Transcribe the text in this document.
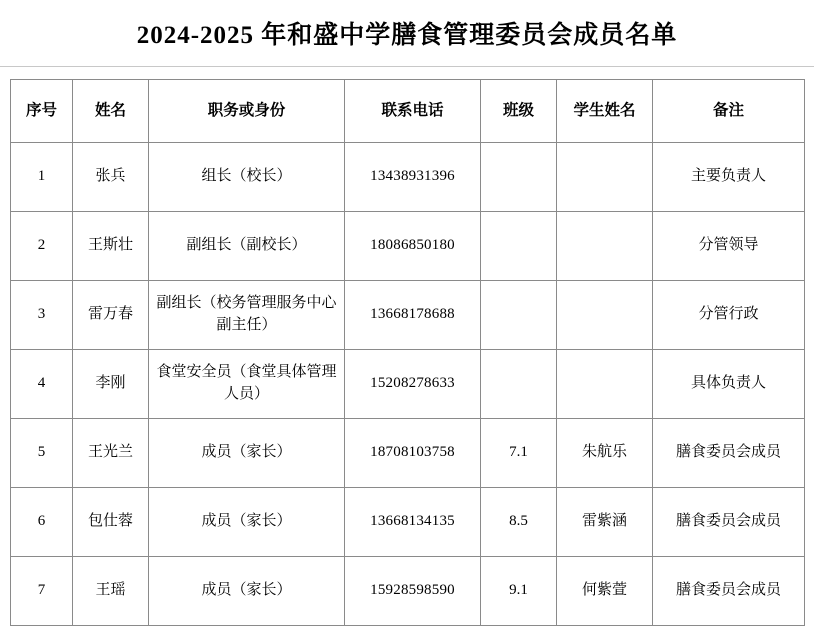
2024-2025 年和盛中学膳食管理委员会成员名单
序号	姓名	职务或身份	联系电话	班级	学生姓名	备注
1	张兵	组长（校长）	13438931396			主要负责人
2	王斯壮	副组长（副校长）	18086850180			分管领导
3	雷万春	副组长（校务管理服务中心副主任）	13668178688			分管行政
4	李刚	食堂安全员（食堂具体管理人员）	15208278633			具体负责人
5	王光兰	成员（家长）	18708103758	7.1	朱航乐	膳食委员会成员
6	包仕蓉	成员（家长）	13668134135	8.5	雷紫涵	膳食委员会成员
7	王瑶	成员（家长）	15928598590	9.1	何紫萱	膳食委员会成员
